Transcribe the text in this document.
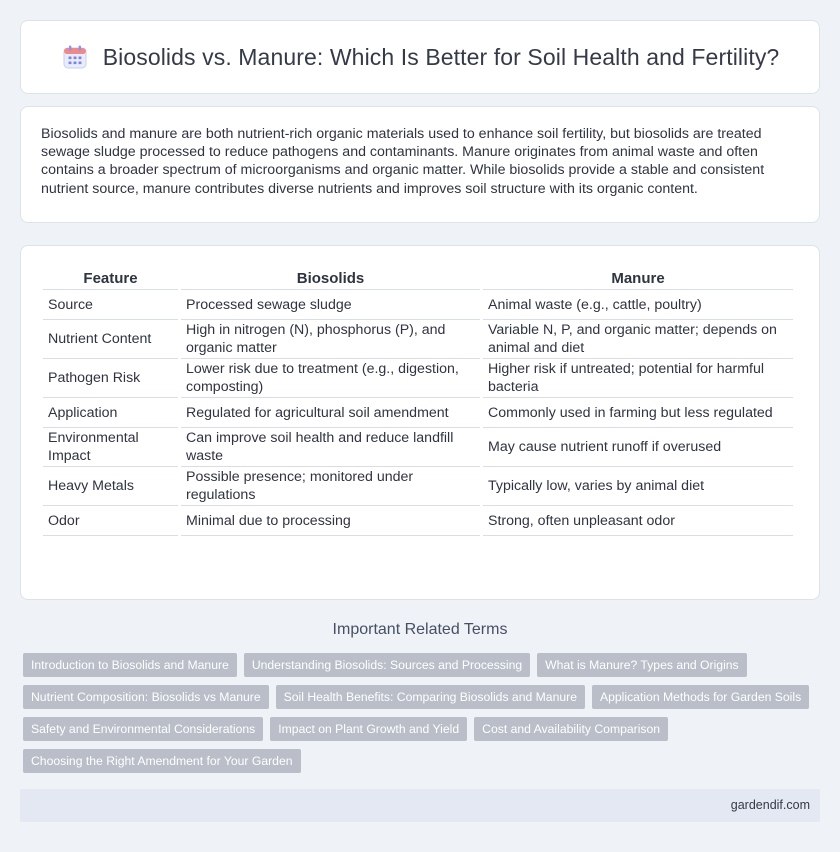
Biosolids vs. Manure: Which Is Better for Soil Health and Fertility?

Biosolids and manure are both nutrient-rich organic materials used to enhance soil fertility, but biosolids are treated sewage sludge processed to reduce pathogens and contaminants. Manure originates from animal waste and often contains a broader spectrum of microorganisms and organic matter. While biosolids provide a stable and consistent nutrient source, manure contributes diverse nutrients and improves soil structure with its organic content.

Feature	Biosolids	Manure
Source	Processed sewage sludge	Animal waste (e.g., cattle, poultry)
Nutrient Content	High in nitrogen (N), phosphorus (P), and organic matter	Variable N, P, and organic matter; depends on animal and diet
Pathogen Risk	Lower risk due to treatment (e.g., digestion, composting)	Higher risk if untreated; potential for harmful bacteria
Application	Regulated for agricultural soil amendment	Commonly used in farming but less regulated
Environmental Impact	Can improve soil health and reduce landfill waste	May cause nutrient runoff if overused
Heavy Metals	Possible presence; monitored under regulations	Typically low, varies by animal diet
Odor	Minimal due to processing	Strong, often unpleasant odor
Important Related Terms
Introduction to Biosolids and Manure	Understanding Biosolids: Sources and Processing	What is Manure? Types and Origins
Nutrient Composition: Biosolids vs Manure	Soil Health Benefits: Comparing Biosolids and Manure	Application Methods for Garden Soils
Safety and Environmental Considerations	Impact on Plant Growth and Yield	Cost and Availability Comparison
Choosing the Right Amendment for Your Garden
gardendif.com
